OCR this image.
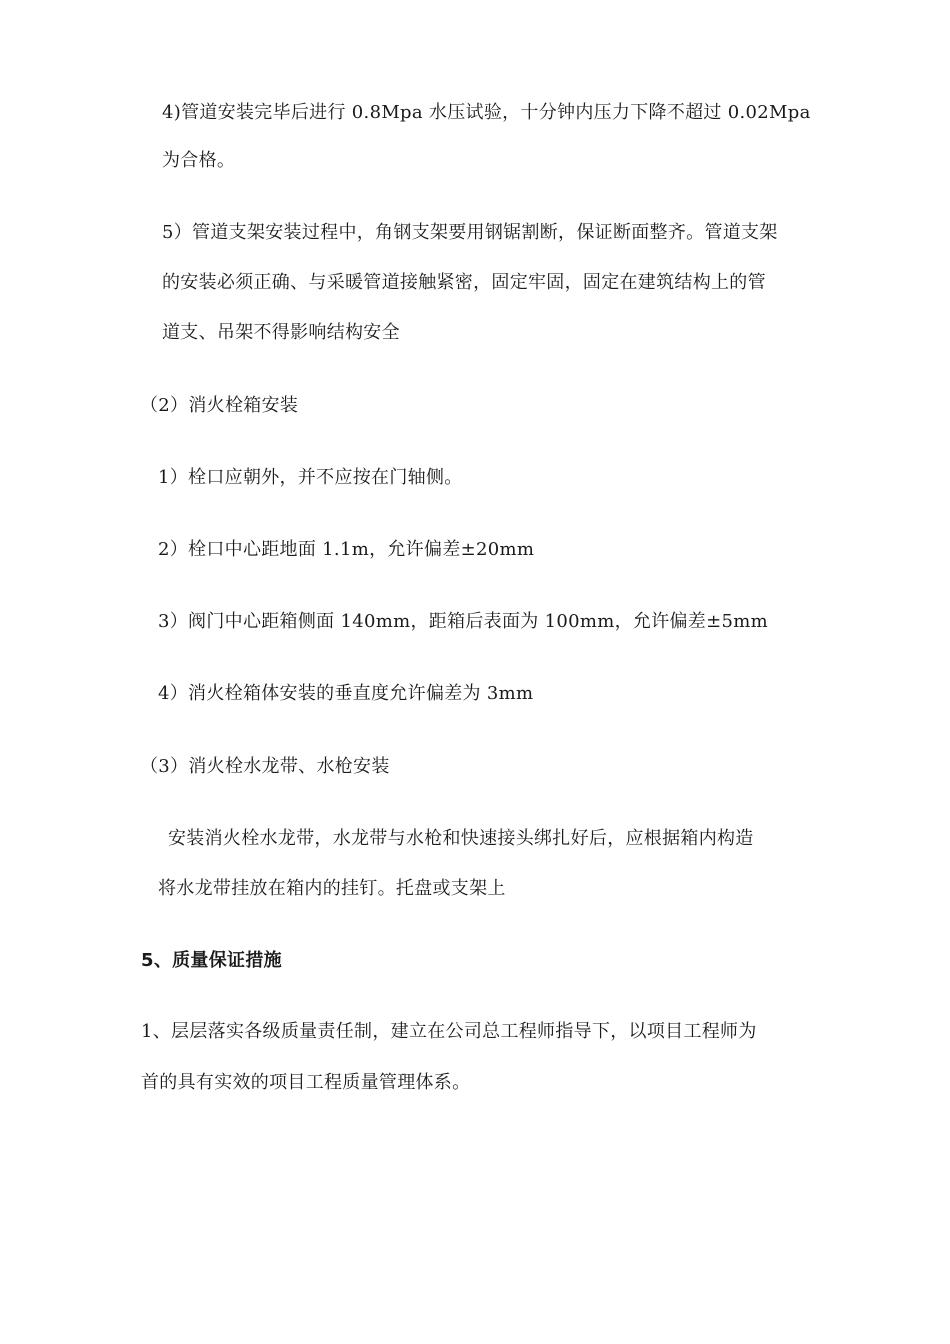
4)管道安装完毕后进行 0.8Mpa 水压试验，十分钟内压力下降不超过 0.02Mpa
为合格。
5）管道支架安装过程中，角钢支架要用钢锯割断，保证断面整齐。管道支架
的安装必须正确、与采暖管道接触紧密，固定牢固，固定在建筑结构上的管
道支、吊架不得影响结构安全
（2）消火栓箱安装
1）栓口应朝外，并不应按在门轴侧。
2）栓口中心距地面 1.1m，允许偏差±20mm
3）阀门中心距箱侧面 140mm，距箱后表面为 100mm，允许偏差±5mm
4）消火栓箱体安装的垂直度允许偏差为 3mm
（3）消火栓水龙带、水枪安装
安装消火栓水龙带，水龙带与水枪和快速接头绑扎好后，应根据箱内构造
将水龙带挂放在箱内的挂钉。托盘或支架上
5、质量保证措施
1、层层落实各级质量责任制，建立在公司总工程师指导下，以项目工程师为
首的具有实效的项目工程质量管理体系。
